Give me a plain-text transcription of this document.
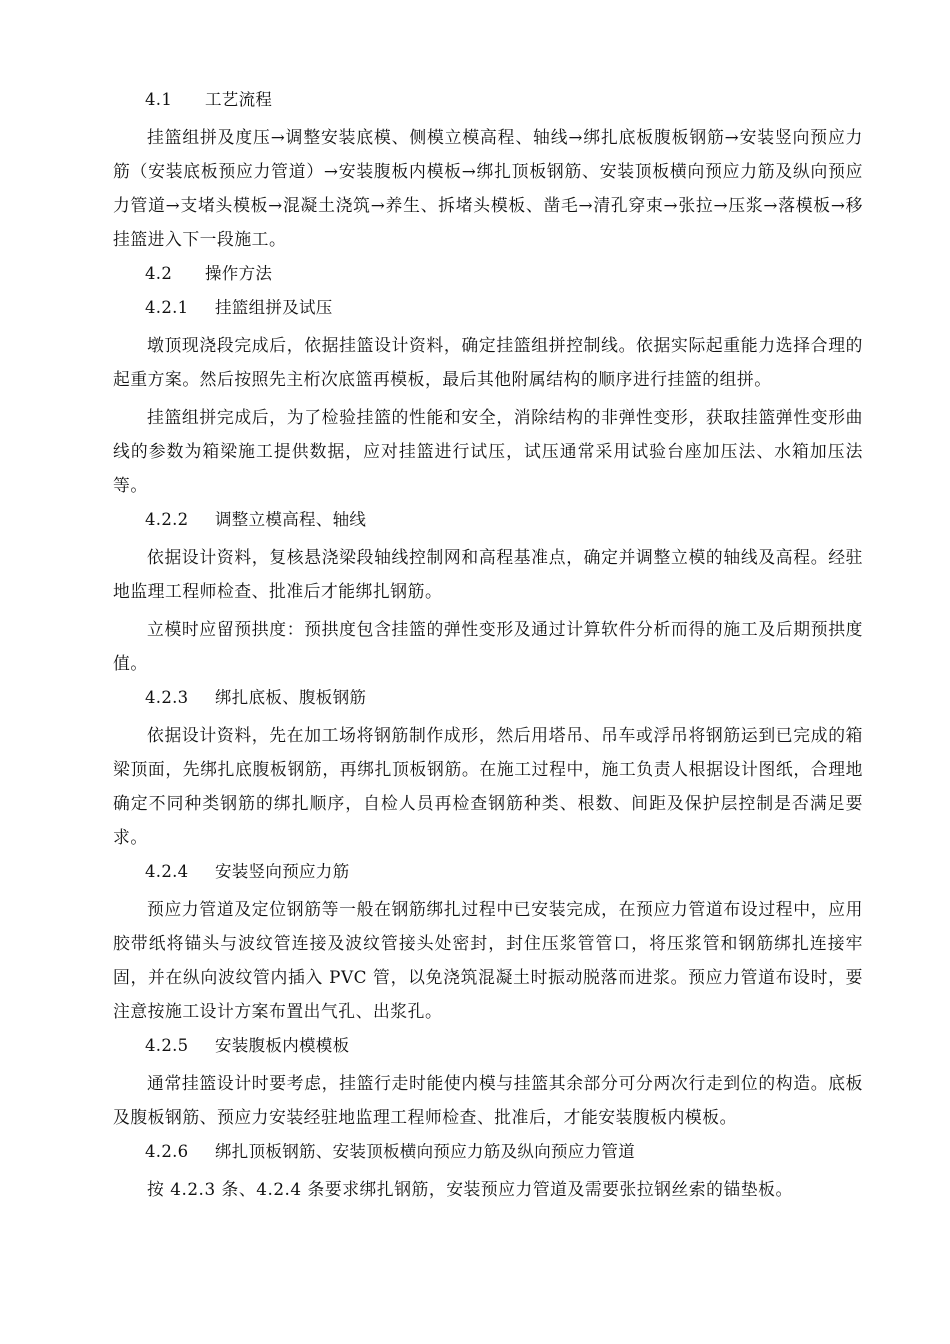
4.1 工艺流程

挂篮组拼及度压→调整安装底模、侧模立模高程、轴线→绑扎底板腹板钢筋→安装竖向预应力筋（安装底板预应力管道）→安装腹板内模板→绑扎顶板钢筋、安装顶板横向预应力筋及纵向预应力管道→支堵头模板→混凝土浇筑→养生、拆堵头模板、凿毛→清孔穿束→张拉→压浆→落模板→移挂篮进入下一段施工。

4.2 操作方法
4.2.1 挂篮组拼及试压

墩顶现浇段完成后，依据挂篮设计资料，确定挂篮组拼控制线。依据实际起重能力选择合理的起重方案。然后按照先主桁次底篮再模板，最后其他附属结构的顺序进行挂篮的组拼。

挂篮组拼完成后，为了检验挂篮的性能和安全，消除结构的非弹性变形，获取挂篮弹性变形曲线的参数为箱梁施工提供数据，应对挂篮进行试压，试压通常采用试验台座加压法、水箱加压法等。

4.2.2 调整立模高程、轴线

依据设计资料，复核悬浇梁段轴线控制网和高程基准点，确定并调整立模的轴线及高程。经驻地监理工程师检查、批准后才能绑扎钢筋。

立模时应留预拱度：预拱度包含挂篮的弹性变形及通过计算软件分析而得的施工及后期预拱度值。

4.2.3 绑扎底板、腹板钢筋

依据设计资料，先在加工场将钢筋制作成形，然后用塔吊、吊车或浮吊将钢筋运到已完成的箱梁顶面，先绑扎底腹板钢筋，再绑扎顶板钢筋。在施工过程中，施工负责人根据设计图纸，合理地确定不同种类钢筋的绑扎顺序，自检人员再检查钢筋种类、根数、间距及保护层控制是否满足要求。

4.2.4 安装竖向预应力筋

预应力管道及定位钢筋等一般在钢筋绑扎过程中已安装完成，在预应力管道布设过程中，应用胶带纸将锚头与波纹管连接及波纹管接头处密封，封住压浆管管口，将压浆管和钢筋绑扎连接牢固，并在纵向波纹管内插入 PVC 管，以免浇筑混凝土时振动脱落而进浆。预应力管道布设时，要注意按施工设计方案布置出气孔、出浆孔。

4.2.5 安装腹板内模模板

通常挂篮设计时要考虑，挂篮行走时能使内模与挂篮其余部分可分两次行走到位的构造。底板及腹板钢筋、预应力安装经驻地监理工程师检查、批准后，才能安装腹板内模板。

4.2.6 绑扎顶板钢筋、安装顶板横向预应力筋及纵向预应力管道

按 4.2.3 条、4.2.4 条要求绑扎钢筋，安装预应力管道及需要张拉钢丝索的锚垫板。
